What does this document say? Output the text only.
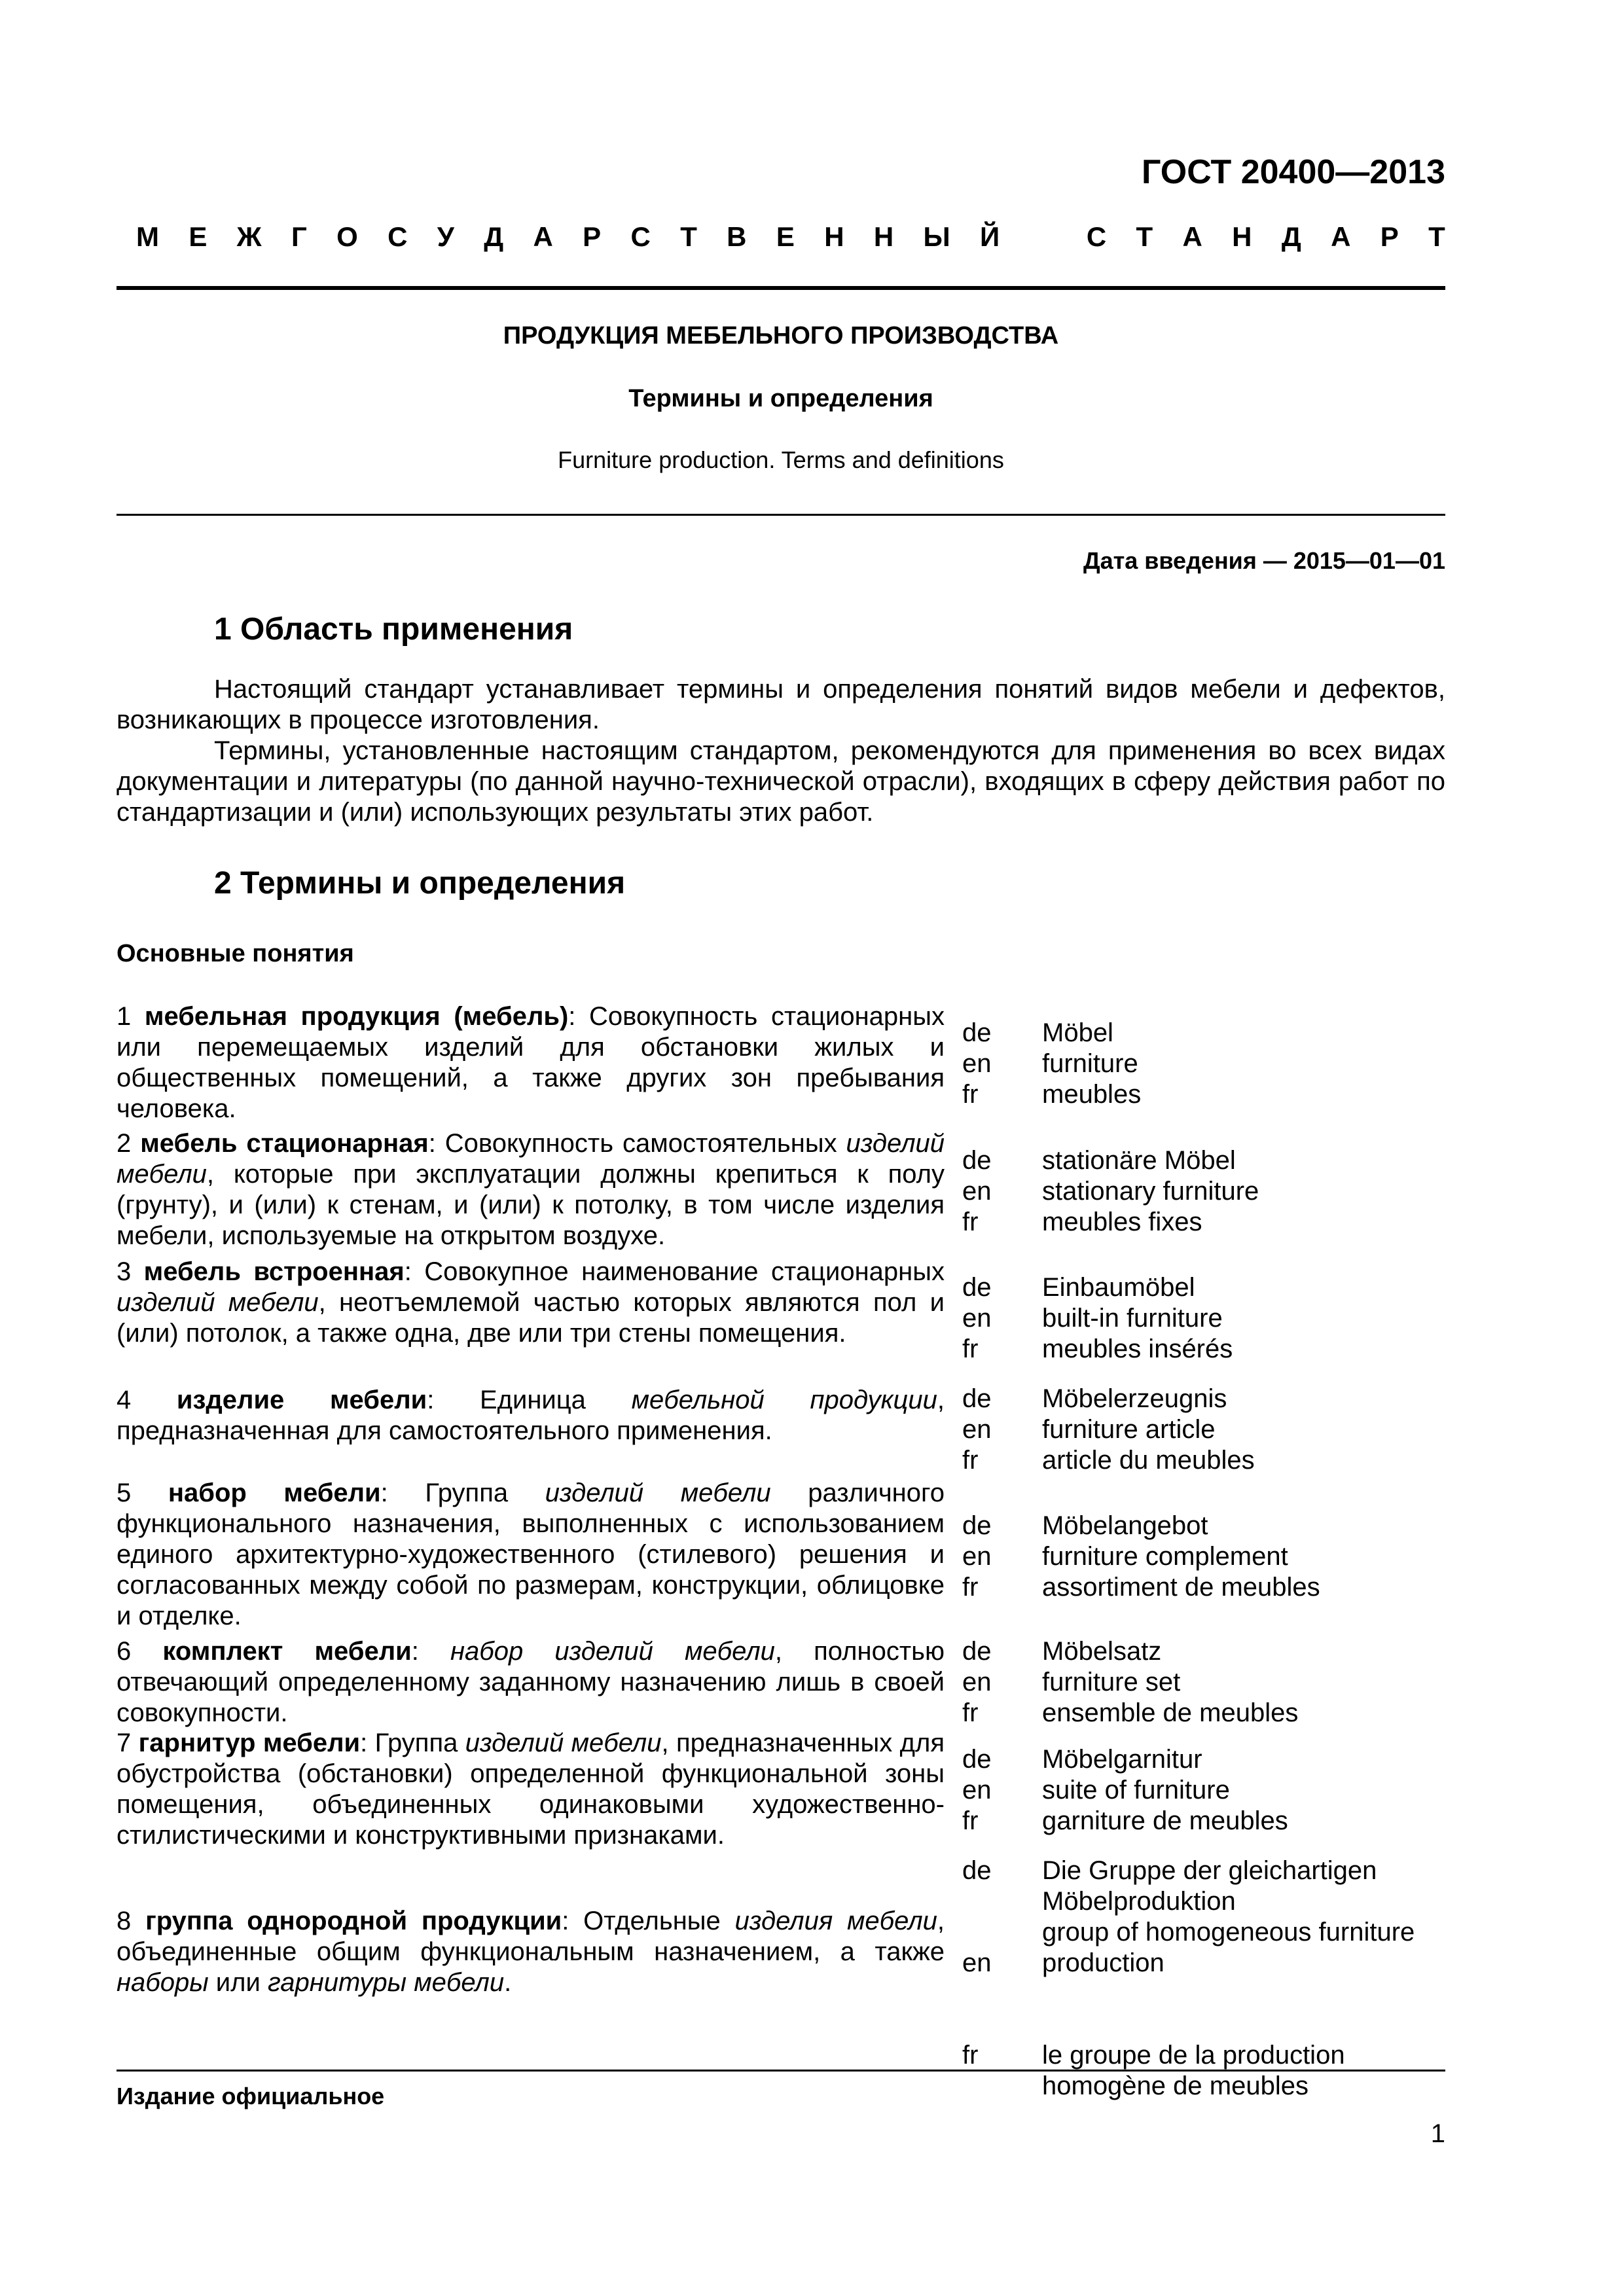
ГОСТ 20400—2013
М Е Ж Г О С У Д А Р С Т В Е Н Н Ы Й	С Т А Н Д А Р Т
ПРОДУКЦИЯ МЕБЕЛЬНОГО ПРОИЗВОДСТВА
Термины и определения
Furniture production. Terms and definitions
Дата введения — 2015—01—01
1 Область применения

Настоящий стандарт устанавливает термины и определения понятий видов мебели и дефектов, возникающих в процессе изготовления.

Термины, установленные настоящим стандартом, рекомендуются для применения во всех видах документации и литературы (по данной научно-технической отрасли), входящих в сферу действия работ по стандартизации и (или) использующих результаты этих работ.

2 Термины и определения
Основные понятия
1 мебельная продукция (мебель): Совокупность стационарных или перемещаемых изделий для обстановки жилых и общественных помещений, а также других зон пребывания человека.
de
en
fr
Möbel
furniture
meubles
2 мебель стационарная: Совокупность самостоятельных изделий мебели, которые при эксплуатации должны крепиться к полу (грунту), и (или) к стенам, и (или) к потолку, в том числе изделия мебели, используемые на открытом воздухе.
de
en
fr
stationäre Möbel
stationary furniture
meubles fixes
3 мебель встроенная: Совокупное наименование стационарных изделий мебели, неотъемлемой частью которых являются пол и (или) потолок, а также одна, две или три стены помещения.
de
en
fr
Einbaumöbel
built-in furniture
meubles insérés
4 изделие мебели: Единица мебельной продукции, предназначенная для самостоятельного применения.
de
en
fr
Möbelerzeugnis
furniture article
article du meubles
5 набор мебели: Группа изделий мебели различного функционального назначения, выполненных с использованием единого архитектурно-художественного (стилевого) решения и согласованных между собой по размерам, конструкции, облицовке и отделке.
de
en
fr
Möbelangebot
furniture complement
assortiment de meubles
6 комплект мебели: набор изделий мебели, полностью отвечающий определенному заданному назначению лишь в своей совокупности.
de
en
fr
Möbelsatz
furniture set
ensemble de meubles
7 гарнитур мебели: Группа изделий мебели, предназначенных для обустройства (обстановки) определенной функциональной зоны помещения, объединенных одинаковыми художественно-стилистическими и конструктивными признаками.
de
en
fr
Möbelgarnitur
suite of furniture
garniture de meubles
8 группа однородной продукции: Отдельные изделия мебели, объединенные общим функциональным назначением, а также наборы или гарнитуры мебели.
de
en
fr
Die Gruppe der gleichartigen Möbelproduktion
group of homogeneous furniture production
le groupe de la production homogène de meubles
Издание официальное
1
